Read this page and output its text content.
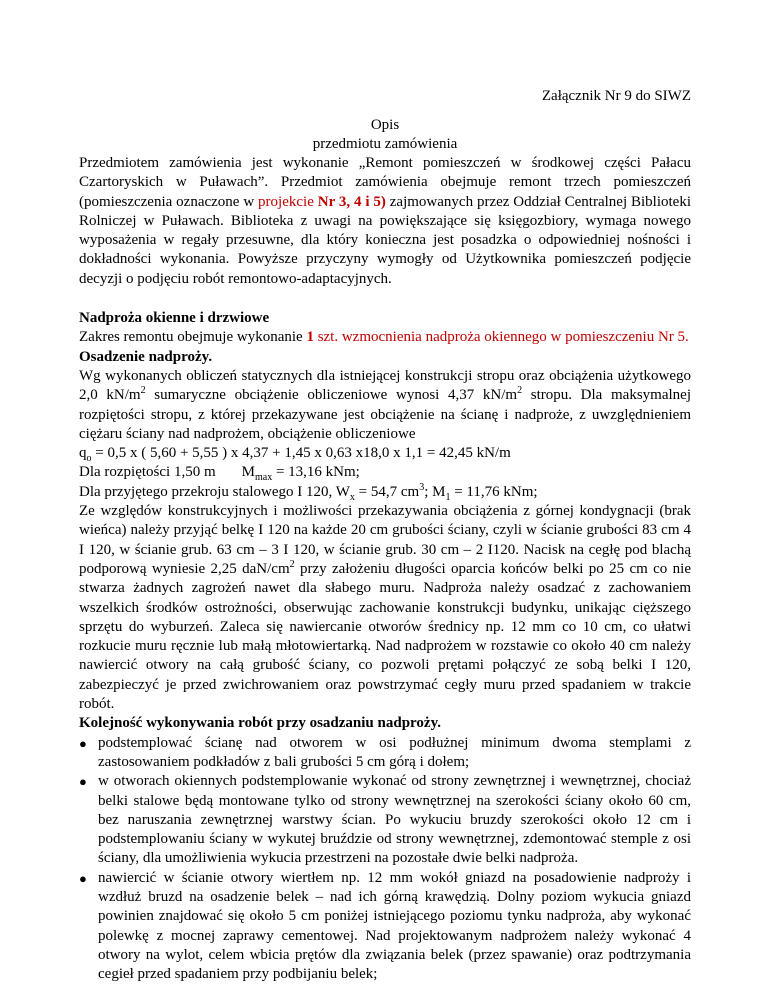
Załącznik Nr 9 do SIWZ
Opis
przedmiotu zamówienia

Przedmiotem zamówienia jest wykonanie „Remont pomieszczeń w środkowej części Pałacu Czartoryskich w Puławach”. Przedmiot zamówienia obejmuje remont trzech pomieszczeń (pomieszczenia oznaczone w projekcie Nr 3, 4 i 5) zajmowanych przez Oddział Centralnej Biblioteki Rolniczej w Puławach. Biblioteka z uwagi na powiększające się księgozbiory, wymaga nowego wyposażenia w regały przesuwne, dla który konieczna jest posadzka o odpowiedniej nośności i dokładności wykonania. Powyższe przyczyny wymogły od Użytkownika pomieszczeń podjęcie decyzji o podjęciu robót remontowo-adaptacyjnych.

Nadproża okienne i drzwiowe

Zakres remontu obejmuje wykonanie 1 szt. wzmocnienia nadproża okiennego w pomieszczeniu Nr 5.

Osadzenie nadproży.

Wg wykonanych obliczeń statycznych dla istniejącej konstrukcji stropu oraz obciążenia użytkowego 2,0 $kN/m^2$ sumaryczne obciążenie obliczeniowe wynosi 4,37 $kN/m^2$ stropu. Dla maksymalnej rozpiętości stropu, z której przekazywane jest obciążenie na ścianę i nadproże, z uwzględnieniem ciężaru ściany nad nadprożem, obciążenie obliczeniowe

$q_o = 0,5$ x ( 5,60 + 5,55 ) x 4,37 + 1,45 x 0,63 x18,0 x 1,1 = 42,45 kN/m

Dla rozpiętości 1,50 m $M_{max} = 13,16$ kNm;

Dla przyjętego przekroju stalowego I 120, $W_x = 54,7$ $cm^3$; $M_1 = 11,76$ kNm;

Ze względów konstrukcyjnych i możliwości przekazywania obciążenia z górnej kondygnacji (brak wieńca) należy przyjąć belkę I 120 na każde 20 cm grubości ściany, czyli w ścianie grubości 83 cm 4 I 120, w ścianie grub. 63 cm – 3 I 120, w ścianie grub. 30 cm – 2 I120. Nacisk na cegłę pod blachą podporową wyniesie 2,25 daN/$cm^2$ przy założeniu długości oparcia końców belki po 25 cm co nie stwarza żadnych zagrożeń nawet dla słabego muru. Nadproża należy osadzać z zachowaniem wszelkich środków ostrożności, obserwując zachowanie konstrukcji budynku, unikając cięższego sprzętu do wyburzeń. Zaleca się nawiercanie otworów średnicy np. 12 mm co 10 cm, co ułatwi rozkucie muru ręcznie lub małą młotowiertarką. Nad nadprożem w rozstawie co około 40 cm należy nawiercić otwory na całą grubość ściany, co pozwoli prętami połączyć ze sobą belki I 120, zabezpieczyć je przed zwichrowaniem oraz powstrzymać cegły muru przed spadaniem w trakcie robót.

Kolejność wykonywania robót przy osadzaniu nadproży.

● podstemplować ścianę nad otworem w osi podłużnej minimum dwoma stemplami z zastosowaniem podkładów z bali grubości 5 cm górą i dołem;
● w otworach okiennych podstemplowanie wykonać od strony zewnętrznej i wewnętrznej, chociaż belki stalowe będą montowane tylko od strony wewnętrznej na szerokości ściany około 60 cm, bez naruszania zewnętrznej warstwy ścian. Po wykuciu bruzdy szerokości około 12 cm i podstemplowaniu ściany w wykutej bruździe od strony wewnętrznej, zdemontować stemple z osi ściany, dla umożliwienia wykucia przestrzeni na pozostałe dwie belki nadproża.
● nawiercić w ścianie otwory wiertłem np. 12 mm wokół gniazd na posadowienie nadproży i wzdłuż bruzd na osadzenie belek – nad ich górną krawędzią. Dolny poziom wykucia gniazd powinien znajdować się około 5 cm poniżej istniejącego poziomu tynku nadproża, aby wykonać polewkę z mocnej zaprawy cementowej. Nad projektowanym nadprożem należy wykonać 4 otwory na wylot, celem wbicia prętów dla związania belek (przez spawanie) oraz podtrzymania cegieł przed spadaniem przy podbijaniu belek;
